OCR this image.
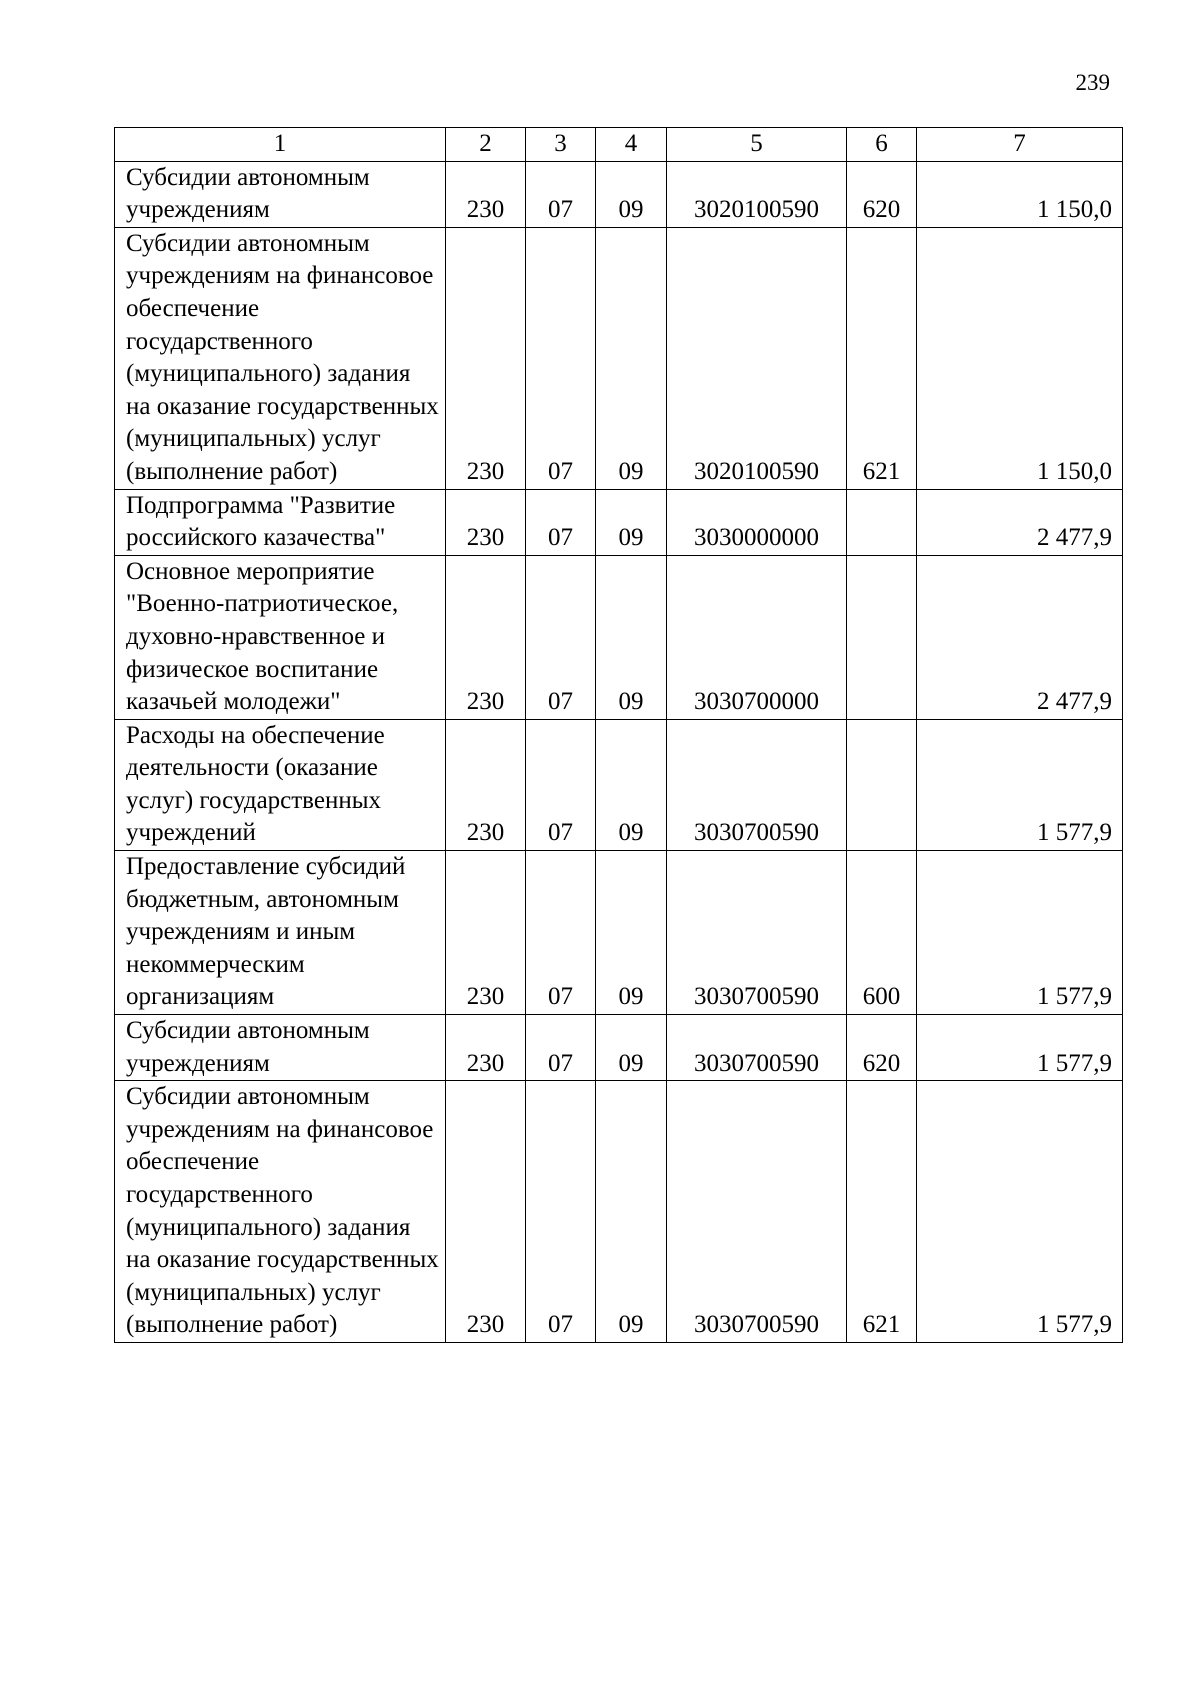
239
1	2	3	4	5	6	7
Субсидии автономным учреждениям	230	07	09	3020100590	620	1 150,0
Субсидии автономным учреждениям на финансовое обеспечение государственного (муниципального) задания на оказание государственных (муниципальных) услуг (выполнение работ)	230	07	09	3020100590	621	1 150,0
Подпрограмма "Развитие российского казачества"	230	07	09	3030000000		2 477,9
Основное мероприятие "Военно-патриотическое, духовно-нравственное и физическое воспитание казачьей молодежи"	230	07	09	3030700000		2 477,9
Расходы на обеспечение деятельности (оказание услуг) государственных учреждений	230	07	09	3030700590		1 577,9
Предоставление субсидий бюджетным, автономным учреждениям и иным некоммерческим организациям	230	07	09	3030700590	600	1 577,9
Субсидии автономным учреждениям	230	07	09	3030700590	620	1 577,9
Субсидии автономным учреждениям на финансовое обеспечение государственного (муниципального) задания на оказание государственных (муниципальных) услуг (выполнение работ)	230	07	09	3030700590	621	1 577,9
